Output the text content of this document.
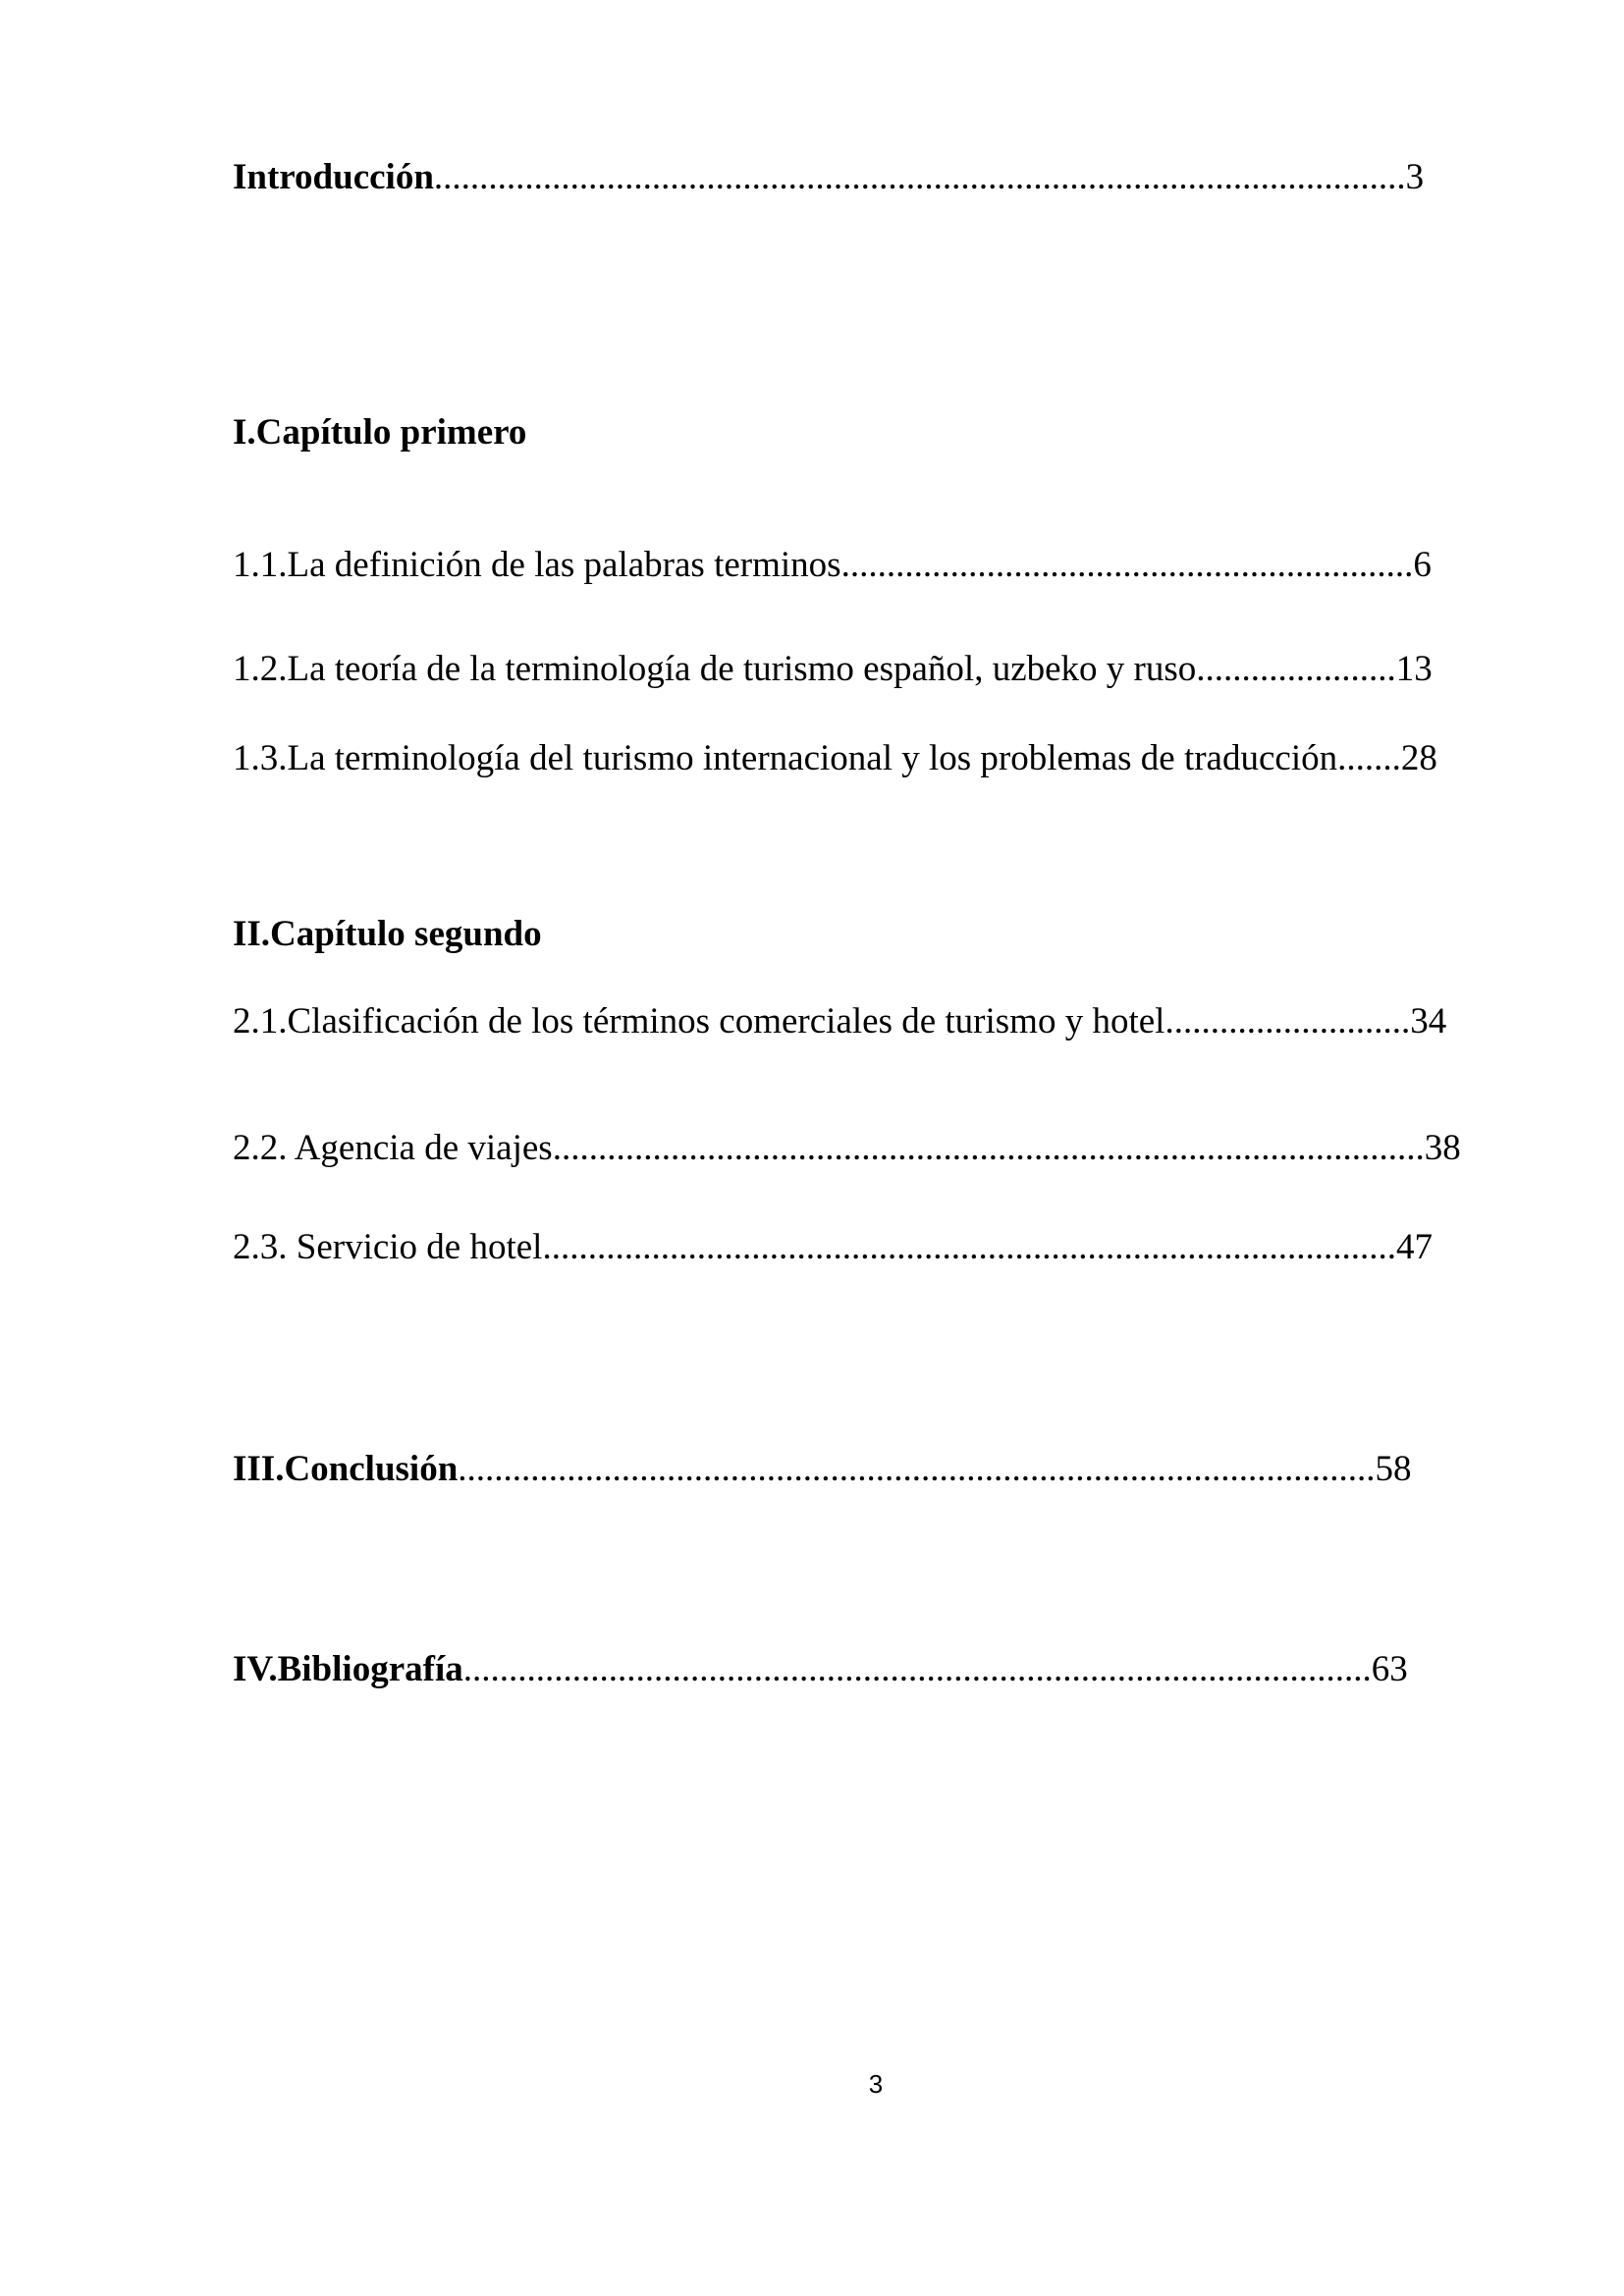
Introducción...........................................................................................................3
I.Capítulo primero
1.1.La definición de las palabras terminos...............................................................6
1.2.La teoría de la terminología de turismo español, uzbeko y ruso......................13
1.3.La terminología del turismo internacional y los problemas de traducción.......28
II.Capítulo segundo
2.1.Clasificación de los términos comerciales de turismo y hotel...........................34
2.2. Agencia de viajes................................................................................................38
2.3. Servicio de hotel..............................................................................................47
III.Conclusión.....................................................................................................58
IV.Bibliografía....................................................................................................63
3
